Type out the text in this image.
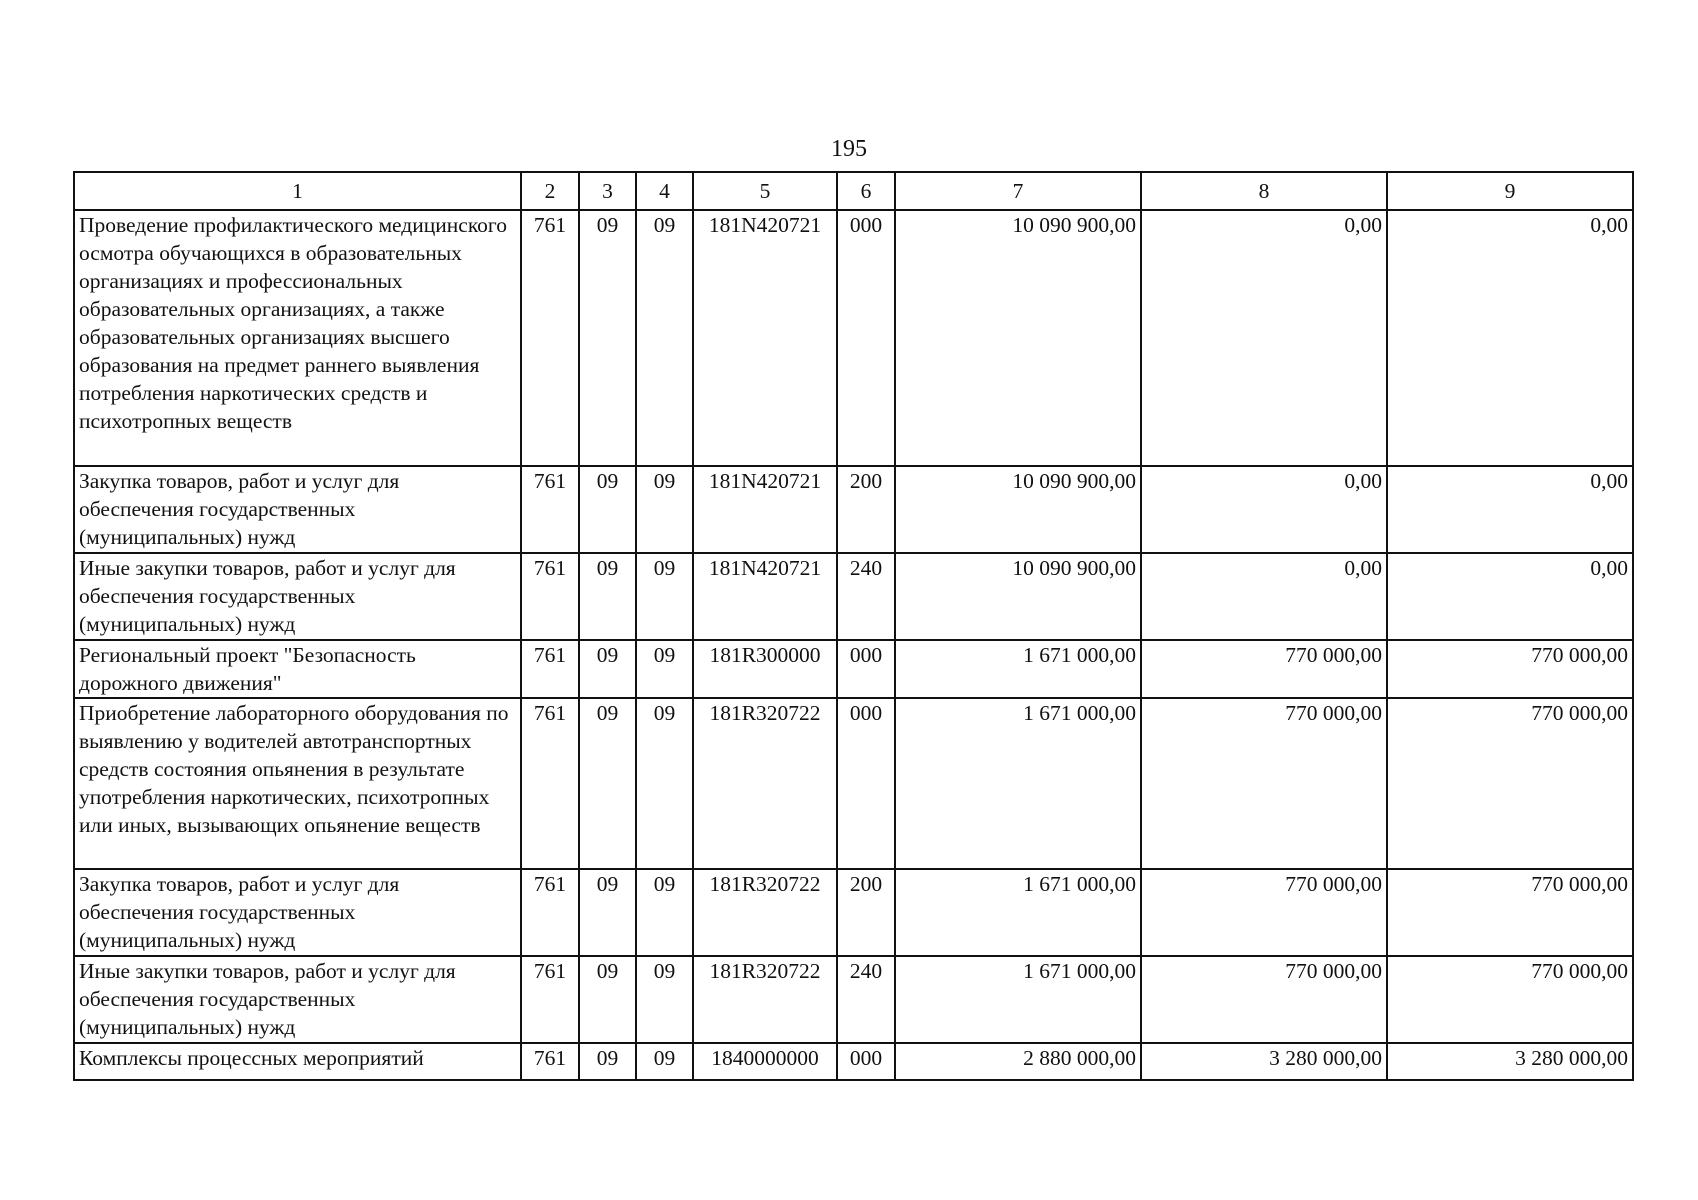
195
1	2	3	4	5	6	7	8	9
Проведение профилактического медицинского осмотра обучающихся в образовательных организациях и профессиональных образовательных организациях, а также образовательных организациях высшего образования на предмет раннего выявления потребления наркотических средств и психотропных веществ	761	09	09	181N420721	000	10 090 900,00	0,00	0,00
Закупка товаров, работ и услуг для обеспечения государственных (муниципальных) нужд	761	09	09	181N420721	200	10 090 900,00	0,00	0,00
Иные закупки товаров, работ и услуг для обеспечения государственных (муниципальных) нужд	761	09	09	181N420721	240	10 090 900,00	0,00	0,00
Региональный проект "Безопасность дорожного движения"	761	09	09	181R300000	000	1 671 000,00	770 000,00	770 000,00
Приобретение лабораторного оборудования по выявлению у водителей автотранспортных средств состояния опьянения в результате употребления наркотических, психотропных или иных, вызывающих опьянение веществ	761	09	09	181R320722	000	1 671 000,00	770 000,00	770 000,00
Закупка товаров, работ и услуг для обеспечения государственных (муниципальных) нужд	761	09	09	181R320722	200	1 671 000,00	770 000,00	770 000,00
Иные закупки товаров, работ и услуг для обеспечения государственных (муниципальных) нужд	761	09	09	181R320722	240	1 671 000,00	770 000,00	770 000,00
Комплексы процессных мероприятий	761	09	09	1840000000	000	2 880 000,00	3 280 000,00	3 280 000,00
